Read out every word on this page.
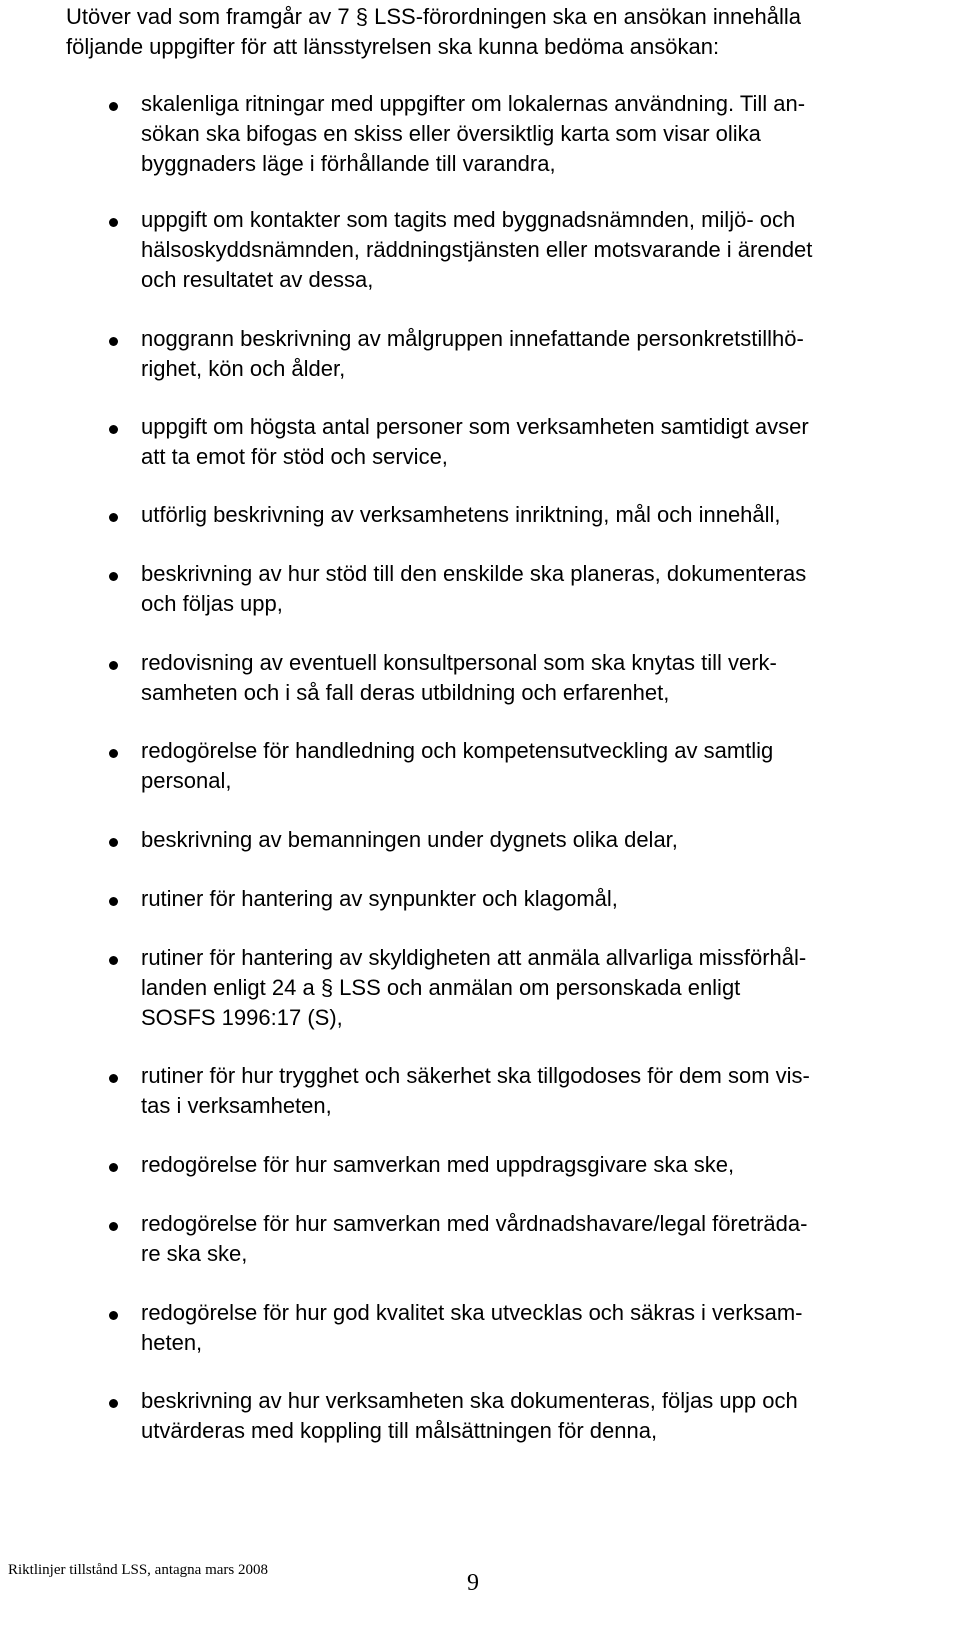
Utöver vad som framgår av 7 § LSS-förordningen ska en ansökan innehålla
följande uppgifter för att länsstyrelsen ska kunna bedöma ansökan:
skalenliga ritningar med uppgifter om lokalernas användning. Till an-
sökan ska bifogas en skiss eller översiktlig karta som visar olika
byggnaders läge i förhållande till varandra,
uppgift om kontakter som tagits med byggnadsnämnden, miljö- och
hälsoskyddsnämnden, räddningstjänsten eller motsvarande i ärendet
och resultatet av dessa,
noggrann beskrivning av målgruppen innefattande personkretstillhö-
righet, kön och ålder,
uppgift om högsta antal personer som verksamheten samtidigt avser
att ta emot för stöd och service,
utförlig beskrivning av verksamhetens inriktning, mål och innehåll,
beskrivning av hur stöd till den enskilde ska planeras, dokumenteras
och följas upp,
redovisning av eventuell konsultpersonal som ska knytas till verk-
samheten och i så fall deras utbildning och erfarenhet,
redogörelse för handledning och kompetensutveckling av samtlig
personal,
beskrivning av bemanningen under dygnets olika delar,
rutiner för hantering av synpunkter och klagomål,
rutiner för hantering av skyldigheten att anmäla allvarliga missförhål-
landen enligt 24 a § LSS och anmälan om personskada enligt
SOSFS 1996:17 (S),
rutiner för hur trygghet och säkerhet ska tillgodoses för dem som vis-
tas i verksamheten,
redogörelse för hur samverkan med uppdragsgivare ska ske,
redogörelse för hur samverkan med vårdnadshavare/legal företräda-
re ska ske,
redogörelse för hur god kvalitet ska utvecklas och säkras i verksam-
heten,
beskrivning av hur verksamheten ska dokumenteras, följas upp och
utvärderas med koppling till målsättningen för denna,
Riktlinjer tillstånd LSS, antagna mars 2008	9
